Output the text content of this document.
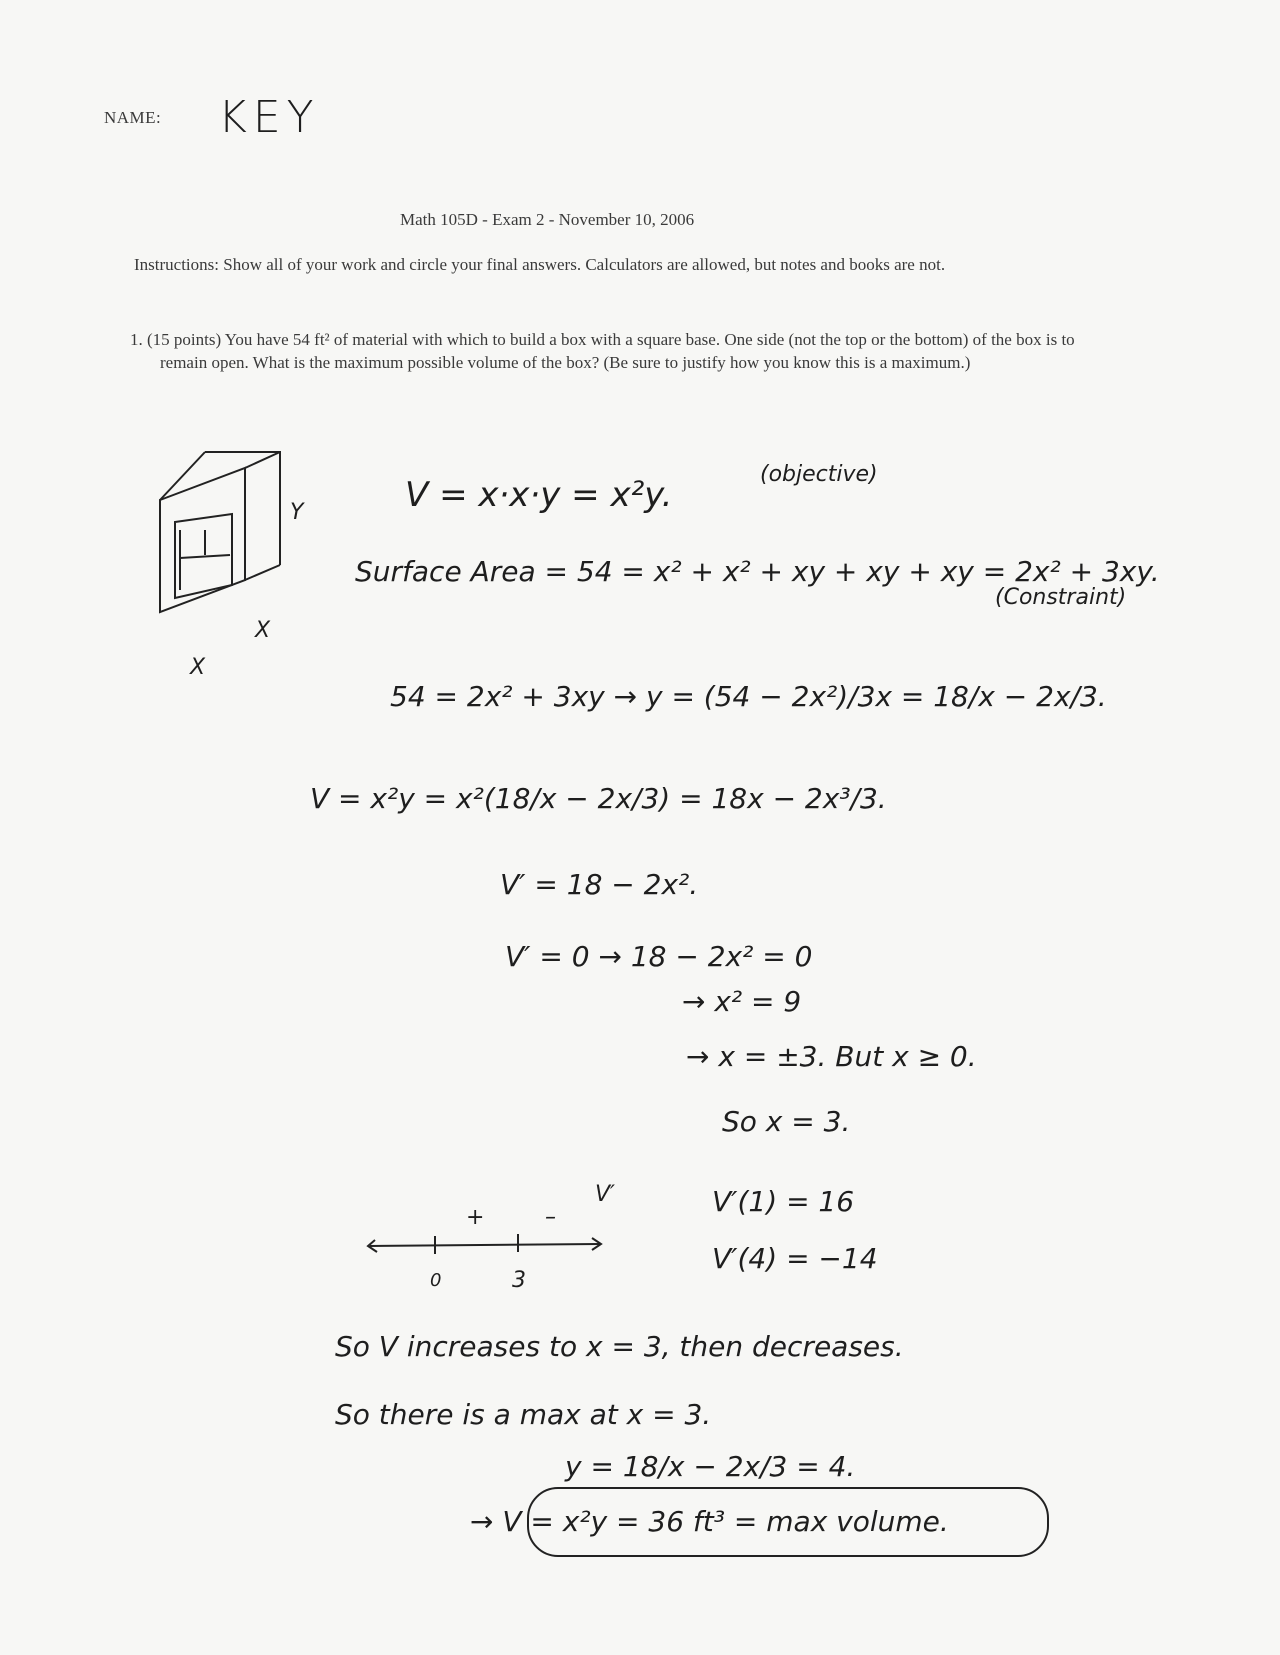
NAME: KEY
Math 105D - Exam 2 - November 10, 2006
Instructions: Show all of your work and circle your final answers. Calculators are allowed, but notes and books are not.
1. (15 points) You have 54 ft² of material with which to build a box with a square base. One side (not the top or the bottom) of the box is to remain open. What is the maximum possible volume of the box? (Be sure to justify how you know this is a maximum.)
Y
X
X
V = x·x·y = x²y.
(objective)
Surface Area = 54 = x² + x² + xy + xy + xy = 2x² + 3xy.
(Constraint)
54 = 2x² + 3xy → y = (54 − 2x²)/3x = 18/x − 2x/3.
V = x²y = x²(18/x − 2x/3) = 18x − 2x³/3.
V′ = 18 − 2x².
V′ = 0 → 18 − 2x² = 0
→ x² = 9
→ x = ±3. But x ≥ 0.
So x = 3.
V′
+	–
0	3
V′(1) = 16
V′(4) = −14
So V increases to x = 3, then decreases.
So there is a max at x = 3.
y = 18/x − 2x/3 = 4.
→ V = x²y = 36 ft³ = max volume.
